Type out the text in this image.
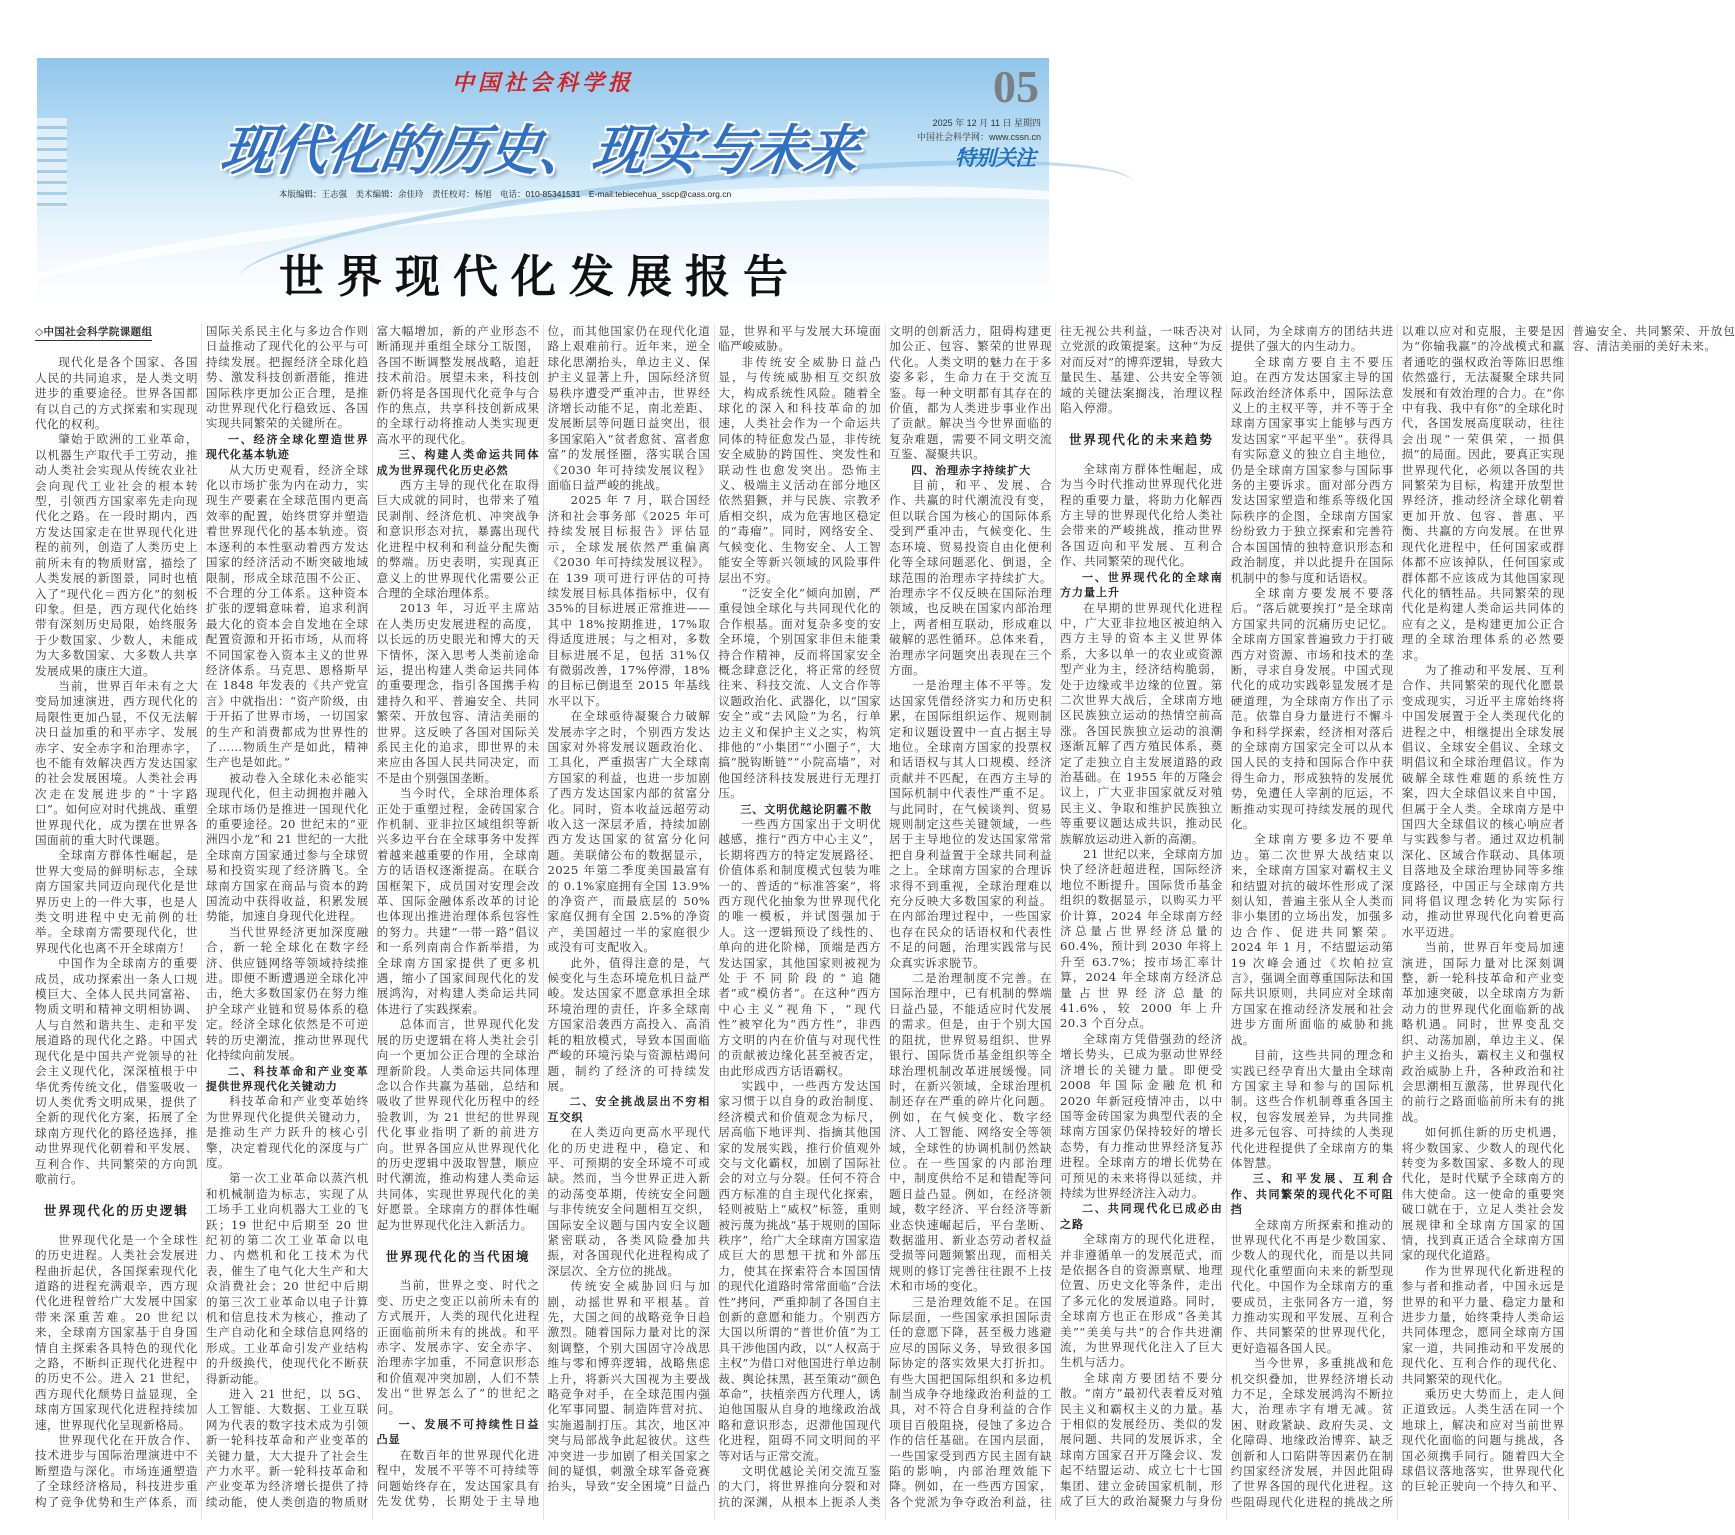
中国社会科学报	05
2025 年 12 月 11 日 星期四
中国社会科学网：www.cssn.cn
特别关注
现代化的历史、现实与未来
本版编辑：王志强　美术编辑：余佳玲　责任校对：杨旭　电话：010-85341531　E-mail:tebiecehua_sscp@cass.org.cn
世界现代化发展报告
◇中国社会科学院课题组

现代化是各个国家、各国人民的共同追求，是人类文明进步的重要途径。世界各国都有以自己的方式探索和实现现代化的权利。

肇始于欧洲的工业革命，以机器生产取代手工劳动，推动人类社会实现从传统农业社会向现代工业社会的根本转型，引领西方国家率先走向现代化之路。在一段时期内，西方发达国家走在世界现代化进程的前列，创造了人类历史上前所未有的物质财富，描绘了人类发展的新图景，同时也植入了“现代化＝西方化”的刻板印象。但是，西方现代化始终带有深刻历史局限，始终服务于少数国家、少数人，未能成为大多数国家、大多数人共享发展成果的康庄大道。

当前，世界百年未有之大变局加速演进，西方现代化的局限性更加凸显，不仅无法解决日益加重的和平赤字、发展赤字、安全赤字和治理赤字，也不能有效解决西方发达国家的社会发展困境。人类社会再次走在发展进步的“十字路口”。如何应对时代挑战、重塑世界现代化，成为摆在世界各国面前的重大时代课题。

全球南方群体性崛起，是世界大变局的鲜明标志，全球南方国家共同迈向现代化是世界历史上的一件大事，也是人类文明进程中史无前例的壮举。全球南方需要现代化，世界现代化也离不开全球南方！

中国作为全球南方的重要成员，成功探索出一条人口规模巨大、全体人民共同富裕、物质文明和精神文明相协调、人与自然和谐共生、走和平发展道路的现代化之路。中国式现代化是中国共产党领导的社会主义现代化，深深植根于中华优秀传统文化，借鉴吸收一切人类优秀文明成果，提供了全新的现代化方案，拓展了全球南方现代化的路径选择，推动世界现代化朝着和平发展、互利合作、共同繁荣的方向凯歌前行。

世界现代化的历史逻辑

世界现代化是一个全球性的历史进程。人类社会发展进程曲折起伏，各国探索现代化道路的进程充满艰辛，西方现代化进程曾给广大发展中国家带来深重苦难。20 世纪以来，全球南方国家基于自身国情自主探索各具特色的现代化之路，不断纠正现代化进程中的历史不公。进入 21 世纪，西方现代化颓势日益显现，全球南方国家现代化进程持续加速，世界现代化呈现新格局。

世界现代化在开放合作、技术进步与国际治理演进中不断塑造与深化。市场连通塑造了全球经济格局，科技进步重构了竞争优势和生产体系，而国际关系民主化与多边合作则日益推动了现代化的公平与可持续发展。把握经济全球化趋势、激发科技创新潜能，推进国际秩序更加公正合理，是推动世界现代化行稳致远、各国实现共同繁荣的关键所在。

一、经济全球化塑造世界现代化基本轨迹

从大历史观看，经济全球化以市场扩张为内在动力，实现生产要素在全球范围内更高效率的配置，始终贯穿并塑造着世界现代化的基本轨迹。资本逐利的本性驱动着西方发达国家的经济活动不断突破地域限制，形成全球范围不公正、不合理的分工体系。这种资本扩张的逻辑意味着，追求利润最大化的资本会自发地在全球配置资源和开拓市场，从而将不同国家卷入资本主义的世界经济体系。马克思、恩格斯早在 1848 年发表的《共产党宣言》中就指出：“资产阶级，由于开拓了世界市场，一切国家的生产和消费都成为世界性的了……物质生产是如此，精神生产也是如此。”

被动卷入全球化未必能实现现代化，但主动拥抱并融入全球市场仍是推进一国现代化的重要途径。20 世纪末的“亚洲四小龙”和 21 世纪的一大批全球南方国家通过参与全球贸易和投资实现了经济腾飞。全球南方国家在商品与资本的跨国流动中获得收益，积累发展势能，加速自身现代化进程。

当代世界经济更加深度融合，新一轮全球化在数字经济、供应链网络等领域持续推进。即便不断遭遇逆全球化冲击，绝大多数国家仍在努力维护全球产业链和贸易体系的稳定。经济全球化依然是不可逆转的历史潮流，推动世界现代化持续向前发展。

二、科技革命和产业变革提供世界现代化关键动力

科技革命和产业变革始终为世界现代化提供关键动力，是推动生产力跃升的核心引擎，决定着现代化的深度与广度。

第一次工业革命以蒸汽机和机械制造为标志，实现了从工场手工业向机器大工业的飞跃；19 世纪中后期至 20 世纪初的第二次工业革命以电力、内燃机和化工技术为代表，催生了电气化大生产和大众消费社会；20 世纪中后期的第三次工业革命以电子计算机和信息技术为核心，推动了生产自动化和全球信息网络的形成。工业革命引发产业结构的升级换代，使现代化不断获得新动能。

进入 21 世纪，以 5G、人工智能、大数据、工业互联网为代表的数字技术成为引领新一轮科技革命和产业变革的关键力量，大大提升了社会生产力水平。新一轮科技革命和产业变革为经济增长提供了持续动能，使人类创造的物质财富大幅增加，新的产业形态不断涌现并重组全球分工版图，各国不断调整发展战略，追赶技术前沿。展望未来，科技创新仍将是各国现代化竞争与合作的焦点，共享科技创新成果的全球行动将推动人类实现更高水平的现代化。

三、构建人类命运共同体成为世界现代化历史必然

西方主导的现代化在取得巨大成就的同时，也带来了殖民剥削、经济危机、冲突战争和意识形态对抗，暴露出现代化进程中权利和利益分配失衡的弊端。历史表明，实现真正意义上的世界现代化需要公正合理的全球治理体系。

2013 年，习近平主席站在人类历史发展进程的高度，以长远的历史眼光和博大的天下情怀，深入思考人类前途命运，提出构建人类命运共同体的重要理念，指引各国携手构建持久和平、普遍安全、共同繁荣、开放包容、清洁美丽的世界。这反映了各国对国际关系民主化的追求，即世界的未来应由各国人民共同决定，而不是由个别强国垄断。

当今时代，全球治理体系正处于重塑过程，金砖国家合作机制、亚非拉区域组织等新兴多边平台在全球事务中发挥着越来越重要的作用，全球南方的话语权逐渐提高。在联合国框架下，成员国对安理会改革、国际金融体系改革的讨论也体现出推进治理体系包容性的努力。共建“一带一路”倡议和一系列南南合作新举措，为全球南方国家提供了更多机遇，缩小了国家间现代化的发展鸿沟，对构建人类命运共同体进行了实践探索。

总体而言，世界现代化发展的历史逻辑在将人类社会引向一个更加公正合理的全球治理新阶段。人类命运共同体理念以合作共赢为基础，总结和吸收了世界现代化历程中的经验教训，为 21 世纪的世界现代化事业指明了新的前进方向。世界各国应从世界现代化的历史逻辑中汲取智慧，顺应时代潮流，推动构建人类命运共同体，实现世界现代化的美好愿景。全球南方的群体性崛起为世界现代化注入新活力。

世界现代化的当代困境

当前，世界之变、时代之变、历史之变正以前所未有的方式展开，人类的现代化进程正面临前所未有的挑战。和平赤字、发展赤字、安全赤字、治理赤字加重，不同意识形态和价值观冲突加剧，人们不禁发出“世界怎么了”的世纪之问。

一、发展不可持续性日益凸显

在数百年的世界现代化进程中，发展不平等不可持续等问题始终存在，发达国家具有先发优势，长期处于主导地位，而其他国家仍在现代化道路上艰难前行。近年来，逆全球化思潮抬头，单边主义、保护主义显著上升，国际经济贸易秩序遭受严重冲击，世界经济增长动能不足，南北差距、发展断层等问题日益突出，很多国家陷入“贫者愈贫、富者愈富”的发展怪圈，落实联合国《2030 年可持续发展议程》面临日益严峻的挑战。

2025 年 7 月，联合国经济和社会事务部《2025 年可持续发展目标报告》评估显示，全球发展依然严重偏离《2030 年可持续发展议程》。在 139 项可进行评估的可持续发展目标具体指标中，仅有 35%的目标进展正常推进——其中 18%按期推进，17%取得适度进展；与之相对，多数目标进展不足，包括 31%仅有微弱改善，17%停滞，18%的目标已倒退至 2015 年基线水平以下。

在全球亟待凝聚合力破解发展赤字之时，个别西方发达国家对外将发展议题政治化、工具化，严重损害广大全球南方国家的利益，也进一步加剧了西方发达国家内部的贫富分化。同时，资本收益远超劳动收入这一深层矛盾，持续加剧西方发达国家的贫富分化问题。美联储公布的数据显示，2025 年第二季度美国最富有的 0.1%家庭拥有全国 13.9%的净资产，而最底层的 50%家庭仅拥有全国 2.5%的净资产，美国超过一半的家庭很少或没有可支配收入。

此外，值得注意的是，气候变化与生态环境危机日益严峻。发达国家不愿意承担全球环境治理的责任，许多全球南方国家沿袭西方高投入、高消耗的粗放模式，导致本国面临严峻的环境污染与资源枯竭问题，制约了经济的可持续发展。

二、安全挑战层出不穷相互交织

在人类迈向更高水平现代化的历史进程中，稳定、和平、可预期的安全环境不可或缺。然而，当今世界正进入新的动荡变革期，传统安全问题与非传统安全问题相互交织，国际安全议题与国内安全议题紧密联动，各类风险叠加共振，对各国现代化进程构成了深层次、全方位的挑战。

传统安全威胁回归与加剧，动摇世界和平根基。首先，大国之间的战略竞争日趋激烈。随着国际力量对比的深刻调整，个别大国固守冷战思维与零和博弈逻辑，战略焦虑上升，将新兴大国视为主要战略竞争对手，在全球范围内强化军事同盟、制造阵营对抗、实施遏制打压。其次，地区冲突与局部战争此起彼伏。这些冲突进一步加剧了相关国家之间的疑惧，刺激全球军备竞赛抬头，导致“安全困境”日益凸显，世界和平与发展大环境面临严峻威胁。

非传统安全威胁日益凸显，与传统威胁相互交织放大，构成系统性风险。随着全球化的深入和科技革命的加速，人类社会作为一个命运共同体的特征愈发凸显，非传统安全威胁的跨国性、突发性和联动性也愈发突出。恐怖主义、极端主义活动在部分地区依然猖獗，并与民族、宗教矛盾相交织，成为危害地区稳定的“毒瘤”。同时，网络安全、气候变化、生物安全、人工智能安全等新兴领域的风险事件层出不穷。

“泛安全化”倾向加剧，严重侵蚀全球化与共同现代化的合作根基。面对复杂多变的安全环境，个别国家非但未能秉持合作精神，反而将国家安全概念肆意泛化，将正常的经贸往来、科技交流、人文合作等议题政治化、武器化，以“国家安全”或“去风险”为名，行单边主义和保护主义之实，构筑排他的“小集团”“小圈子”，大搞“脱钩断链”“小院高墙”，对他国经济科技发展进行无理打压。

三、文明优越论阴霾不散

一些西方国家出于文明优越感，推行“西方中心主义”，长期将西方的特定发展路径、价值体系和制度模式包装为唯一的、普适的“标准答案”，将西方现代化抽象为世界现代化的唯一模板，并试图强加于人。这一逻辑预设了线性的、单向的进化阶梯，顶端是西方发达国家，其他国家则被视为处于不同阶段的“追随者”或“模仿者”。在这种“西方中心主义”视角下，“现代性”被窄化为“西方性”，非西方文明的内在价值与对现代性的贡献被边缘化甚至被否定，由此形成西方话语霸权。

实践中，一些西方发达国家习惯于以自身的政治制度、经济模式和价值观念为标尺，居高临下地评判、指摘其他国家的发展实践，推行价值观外交与文化霸权，加剧了国际社会的对立与分裂。任何不符合西方标准的自主现代化探索，轻则被贴上“威权”标签，重则被污蔑为挑战“基于规则的国际秩序”，给广大全球南方国家造成巨大的思想干扰和外部压力，使其在探索符合本国国情的现代化道路时常常面临“合法性”拷问，严重抑制了各国自主创新的意愿和能力。个别西方大国以所谓的“普世价值”为工具干涉他国内政，以“人权高于主权”为借口对他国进行单边制裁、舆论抹黑，甚至策动“颜色革命”，扶植亲西方代理人，诱迫他国服从自身的地缘政治战略和意识形态，迟滞他国现代化进程，阻碍不同文明间的平等对话与正常交流。

文明优越论关闭交流互鉴的大门，将世界推向分裂和对抗的深渊，从根本上扼杀人类文明的创新活力，阻碍构建更加公正、包容、繁荣的世界现代化。人类文明的魅力在于多姿多彩，生命力在于交流互鉴。每一种文明都有其存在的价值，都为人类进步事业作出了贡献。解决当今世界面临的复杂难题，需要不同文明交流互鉴、凝聚共识。

四、治理赤字持续扩大

目前，和平、发展、合作、共赢的时代潮流没有变，但以联合国为核心的国际体系受到严重冲击，气候变化、生态环境、贸易投资自由化便利化等全球问题恶化、倒退，全球范围的治理赤字持续扩大。治理赤字不仅反映在国际治理领域，也反映在国家内部治理上，两者相互联动，形成难以破解的恶性循环。总体来看，治理赤字问题突出表现在三个方面。

一是治理主体不平等。发达国家凭借经济实力和历史积累，在国际组织运作、规则制定和议题设置中一直占据主导地位。全球南方国家的投票权和话语权与其人口规模、经济贡献并不匹配，在西方主导的国际机制中代表性严重不足。与此同时，在气候谈判、贸易规则制定这些关键领域，一些居于主导地位的发达国家常常把自身利益置于全球共同利益之上。全球南方国家的合理诉求得不到重视，全球治理难以充分反映大多数国家的利益。在内部治理过程中，一些国家也存在民众的话语权和代表性不足的问题，治理实践常与民众真实诉求脱节。

二是治理制度不完善。在国际治理中，已有机制的弊端日益凸显，不能适应时代发展的需求。但是，由于个别大国的阻扰，世界贸易组织、世界银行、国际货币基金组织等全球治理机制改革进展缓慢。同时，在新兴领域，全球治理机制还存在严重的碎片化问题。例如，在气候变化、数字经济、人工智能、网络安全等领域，全球性的协调机制仍然缺位。在一些国家的内部治理中，制度供给不足和错配等问题日益凸显。例如，在经济领域，数字经济、平台经济等新业态快速崛起后，平台垄断、数据滥用、新业态劳动者权益受损等问题频繁出现，而相关规则的修订完善往往跟不上技术和市场的变化。

三是治理效能不足。在国际层面，一些国家承担国际责任的意愿下降，甚至极力逃避应尽的国际义务，导致很多国际协定的落实效果大打折扣。有些大国把国际组织和多边机制当成争夺地缘政治利益的工具，对不符合自身利益的合作项目百般阻挠，侵蚀了多边合作的信任基础。在国内层面，一些国家受到西方民主固有缺陷的影响，内部治理效能下降。例如，在一些西方国家，各个党派为争夺政治利益，往往无视公共利益，一味否决对立党派的政策提案。这种“为反对而反对”的博弈逻辑，导致大量民生、基建、公共安全等领域的关键法案搁浅，治理议程陷入停滞。

世界现代化的未来趋势

全球南方群体性崛起，成为当今时代推动世界现代化进程的重要力量，将助力化解西方主导的世界现代化给人类社会带来的严峻挑战，推动世界各国迈向和平发展、互利合作、共同繁荣的现代化。

一、世界现代化的全球南方力量上升

在早期的世界现代化进程中，广大亚非拉地区被迫纳入西方主导的资本主义世界体系，大多以单一的农业或资源型产业为主，经济结构脆弱，处于边缘或半边缘的位置。第二次世界大战后，全球南方地区民族独立运动的热情空前高涨。各国民族独立运动的浪潮逐渐瓦解了西方殖民体系，奠定了走独立自主发展道路的政治基础。在 1955 年的万隆会议上，广大亚非国家就反对殖民主义、争取和维护民族独立等重要议题达成共识，推动民族解放运动进入新的高潮。

21 世纪以来，全球南方加快了经济赶超进程，国际经济地位不断提升。国际货币基金组织的数据显示，以购买力平价计算，2024 年全球南方经济总量占世界经济总量的 60.4%，预计到 2030 年将上升至 63.7%；按市场汇率计算，2024 年全球南方经济总量占世界经济总量的 41.6%，较 2000 年上升 20.3 个百分点。

全球南方凭借强劲的经济增长势头，已成为驱动世界经济增长的关键力量。即便受 2008 年国际金融危机和 2020 年新冠疫情冲击，以中国等金砖国家为典型代表的全球南方国家仍保持较好的增长态势，有力推动世界经济复苏进程。全球南方的增长优势在可预见的未来将得以延续，并持续为世界经济注入动力。

二、共同现代化已成必由之路

全球南方的现代化进程，并非遵循单一的发展范式，而是依据各自的资源禀赋、地理位置、历史文化等条件，走出了多元化的发展道路。同时，全球南方也正在形成“各美其美”“美美与共”的合作共进潮流，为世界现代化注入了巨大生机与活力。

全球南方要团结不要分散。“南方”最初代表着反对殖民主义和霸权主义的力量。基于相似的发展经历、类似的发展问题、共同的发展诉求，全球南方国家召开万隆会议、发起不结盟运动、成立七十七国集团、建立金砖国家机制，形成了巨大的政治凝聚力与身份认同，为全球南方的团结共进提供了强大的内生动力。

全球南方要自主不要压迫。在西方发达国家主导的国际政治经济体系中，国际法意义上的主权平等，并不等于全球南方国家事实上能够与西方发达国家“平起平坐”。获得具有实际意义的独立自主地位，仍是全球南方国家参与国际事务的主要诉求。面对部分西方发达国家塑造和维系等级化国际秩序的企图，全球南方国家纷纷致力于独立探索和完善符合本国国情的独特意识形态和政治制度，并以此提升在国际机制中的参与度和话语权。

全球南方要发展不要落后。“落后就要挨打”是全球南方国家共同的沉痛历史记忆。全球南方国家普遍致力于打破西方对资源、市场和技术的垄断，寻求自身发展。中国式现代化的成功实践彰显发展才是硬道理，为全球南方作出了示范。依靠自身力量进行不懈斗争和科学探索，经济相对落后的全球南方国家完全可以从本国人民的支持和国际合作中获得生命力，形成独特的发展优势，免遭任人宰割的厄运，不断推动实现可持续发展的现代化。

全球南方要多边不要单边。第二次世界大战结束以来，全球南方国家对霸权主义和结盟对抗的破坏性形成了深刻认知，普遍主张从全人类而非小集团的立场出发，加强多边合作、促进共同繁荣。2024 年 1 月，不结盟运动第 19 次峰会通过《坎帕拉宣言》，强调全面尊重国际法和国际共识原则，共同应对全球南方国家在推动经济发展和社会进步方面所面临的威胁和挑战。

目前，这些共同的理念和实践已经孕育出大量由全球南方国家主导和参与的国际机制。这些合作机制尊重各国主权，包容发展差异，为共同推进多元包容、可持续的人类现代化进程提供了全球南方的集体智慧。

三、和平发展、互利合作、共同繁荣的现代化不可阻挡

全球南方所探索和推动的世界现代化不再是少数国家、少数人的现代化，而是以共同现代化重塑面向未来的新型现代化。中国作为全球南方的重要成员，主张同各方一道，努力推动实现和平发展、互利合作、共同繁荣的世界现代化，更好造福各国人民。

当今世界，多重挑战和危机交织叠加，世界经济增长动力不足，全球发展鸿沟不断拉大，治理赤字有增无减。贫困、财政紧缺、政府失灵、文化障碍、地缘政治博弈、缺乏创新和人口陷阱等因素仍在制约国家经济发展，并因此阻碍了世界各国的现代化进程。这些阻碍现代化进程的挑战之所以难以应对和克服，主要是因为“你输我赢”的冷战模式和赢者通吃的强权政治等陈旧思维依然盛行，无法凝聚全球共同发展和有效治理的合力。在“你中有我、我中有你”的全球化时代，各国发展高度联动，往往会出现“一荣俱荣，一损俱损”的局面。因此，要真正实现世界现代化，必须以各国的共同繁荣为目标，构建开放型世界经济，推动经济全球化朝着更加开放、包容、普惠、平衡、共赢的方向发展。在世界现代化进程中，任何国家或群体都不应该掉队，任何国家或群体都不应该成为其他国家现代化的牺牲品。共同繁荣的现代化是构建人类命运共同体的应有之义，是构建更加公正合理的全球治理体系的必然要求。

为了推动和平发展、互利合作、共同繁荣的现代化愿景变成现实，习近平主席始终将中国发展置于全人类现代化的进程之中，相继提出全球发展倡议、全球安全倡议、全球文明倡议和全球治理倡议。作为破解全球性难题的系统性方案，四大全球倡议来自中国，但属于全人类。全球南方是中国四大全球倡议的核心响应者与实践参与者。通过双边机制深化、区域合作联动、具体项目落地及全球治理协同等多维度路径，中国正与全球南方共同将倡议理念转化为实际行动，推动世界现代化向着更高水平迈进。

当前，世界百年变局加速演进，国际力量对比深刻调整，新一轮科技革命和产业变革加速突破，以全球南方为新动力的世界现代化面临新的战略机遇。同时，世界变乱交织、动荡加剧，单边主义、保护主义抬头，霸权主义和强权政治威胁上升，各种政治和社会思潮相互激荡，世界现代化的前行之路面临前所未有的挑战。

如何抓住新的历史机遇，将少数国家、少数人的现代化转变为多数国家、多数人的现代化，是时代赋予全球南方的伟大使命。这一使命的重要突破口就在于，立足人类社会发展规律和全球南方国家的国情，找到真正适合全球南方国家的现代化道路。

作为世界现代化新进程的参与者和推动者，中国永远是世界的和平力量、稳定力量和进步力量，始终秉持人类命运共同体理念，愿同全球南方国家一道，共同推动和平发展的现代化、互利合作的现代化、共同繁荣的现代化。

乘历史大势而上，走人间正道致远。人类生活在同一个地球上，解决和应对当前世界现代化面临的问题与挑战，各国必须携手同行。随着四大全球倡议落地落实，世界现代化的巨轮正驶向一个持久和平、普遍安全、共同繁荣、开放包容、清洁美丽的美好未来。
